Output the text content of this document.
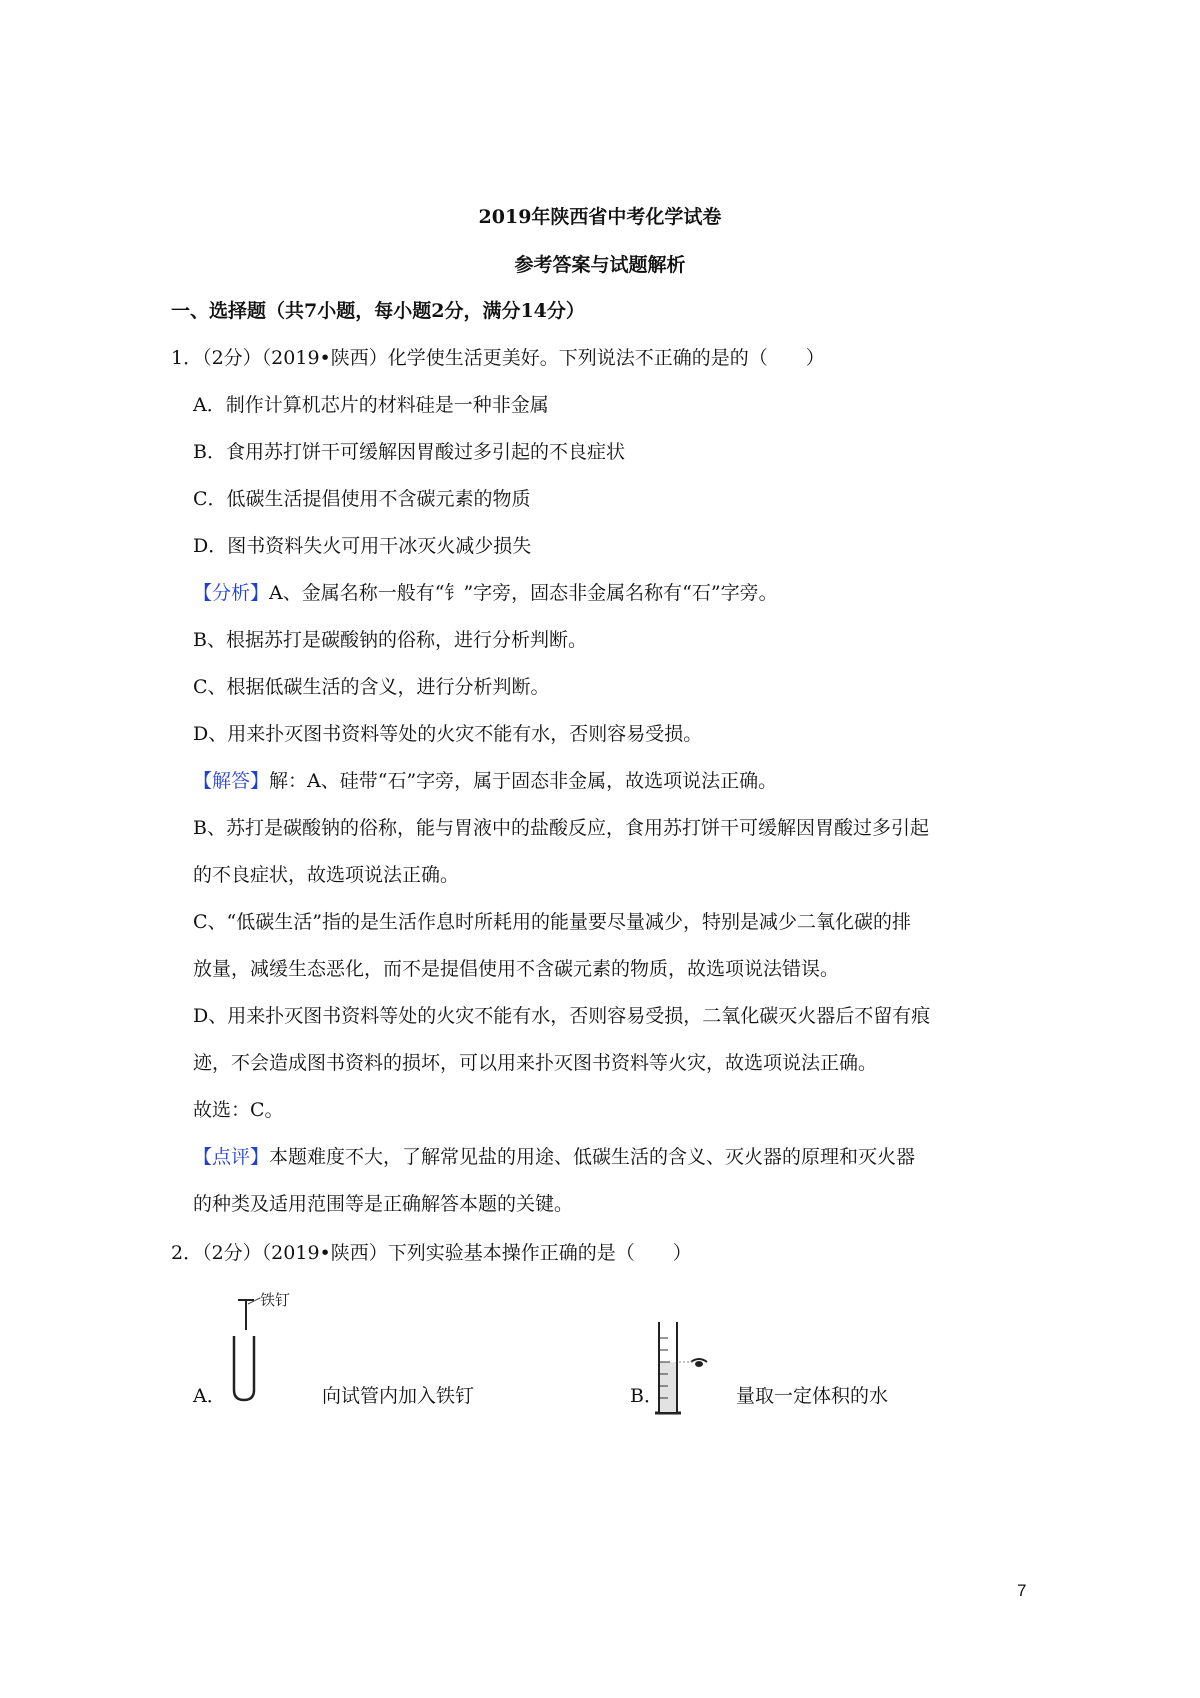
2019年陕西省中考化学试卷
参考答案与试题解析
一、选择题（共7小题，每小题2分，满分14分）
1．（2分）（2019•陕西）化学使生活更美好。下列说法不正确的是的（　　）
A．制作计算机芯片的材料硅是一种非金属
B．食用苏打饼干可缓解因胃酸过多引起的不良症状
C．低碳生活提倡使用不含碳元素的物质
D．图书资料失火可用干冰灭火减少损失
【分析】A、金属名称一般有“钅”字旁，固态非金属名称有“石”字旁。
B、根据苏打是碳酸钠的俗称，进行分析判断。
C、根据低碳生活的含义，进行分析判断。
D、用来扑灭图书资料等处的火灾不能有水，否则容易受损。
【解答】解：A、硅带“石”字旁，属于固态非金属，故选项说法正确。
B、苏打是碳酸钠的俗称，能与胃液中的盐酸反应，食用苏打饼干可缓解因胃酸过多引起
的不良症状，故选项说法正确。
C、“低碳生活”指的是生活作息时所耗用的能量要尽量减少，特别是减少二氧化碳的排
放量，减缓生态恶化，而不是提倡使用不含碳元素的物质，故选项说法错误。
D、用来扑灭图书资料等处的火灾不能有水，否则容易受损，二氧化碳灭火器后不留有痕
迹，不会造成图书资料的损坏，可以用来扑灭图书资料等火灾，故选项说法正确。
故选：C。
【点评】本题难度不大，了解常见盐的用途、低碳生活的含义、灭火器的原理和灭火器
的种类及适用范围等是正确解答本题的关键。
2．（2分）（2019•陕西）下列实验基本操作正确的是（　　）
铁钉
A．	向试管内加入铁钉	B．	量取一定体积的水
7
